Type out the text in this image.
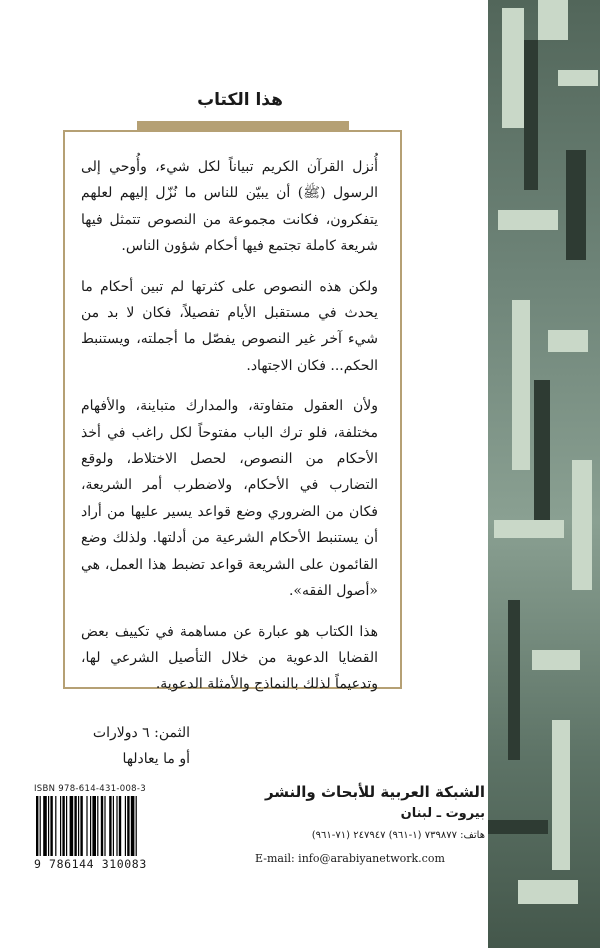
هذا الكتاب

أُنزل القرآن الكريم تبياناً لكل شيء، وأُوحي إلى الرسول (ﷺ) أن يبيّن للناس ما نُزّل إليهم لعلهم يتفكرون، فكانت مجموعة من النصوص تتمثل فيها شريعة كاملة تجتمع فيها أحكام شؤون الناس.

ولكن هذه النصوص على كثرتها لم تبين أحكام ما يحدث في مستقبل الأيام تفصيلاً، فكان لا بد من شيء آخر غير النصوص يفصّل ما أجملته، ويستنبط الحكم... فكان الاجتهاد.

ولأن العقول متفاوتة، والمدارك متباينة، والأفهام مختلفة، فلو ترك الباب مفتوحاً لكل راغب في أخذ الأحكام من النصوص، لحصل الاختلاط، ولوقع التضارب في الأحكام، ولاضطرب أمر الشريعة، فكان من الضروري وضع قواعد يسير عليها من أراد أن يستنبط الأحكام الشرعية من أدلتها. ولذلك وضع القائمون على الشريعة قواعد تضبط هذا العمل، هي «أصول الفقه».

هذا الكتاب هو عبارة عن مساهمة في تكييف بعض القضايا الدعوية من خلال التأصيل الشرعي لها، وتدعيماً لذلك بالنماذج والأمثلة الدعوية.

الثمن: ٦ دولارات
أو ما يعادلها
الشبكة العربية للأبحاث والنشر
بيروت ـ لبنان
هاتف: ٧٣٩٨٧٧ (١-٩٦١) ٢٤٧٩٤٧ (٧١-٩٦١)
E-mail: info@arabiyanetwork.com
ISBN 978-614-431-008-3
9 786144 310083
